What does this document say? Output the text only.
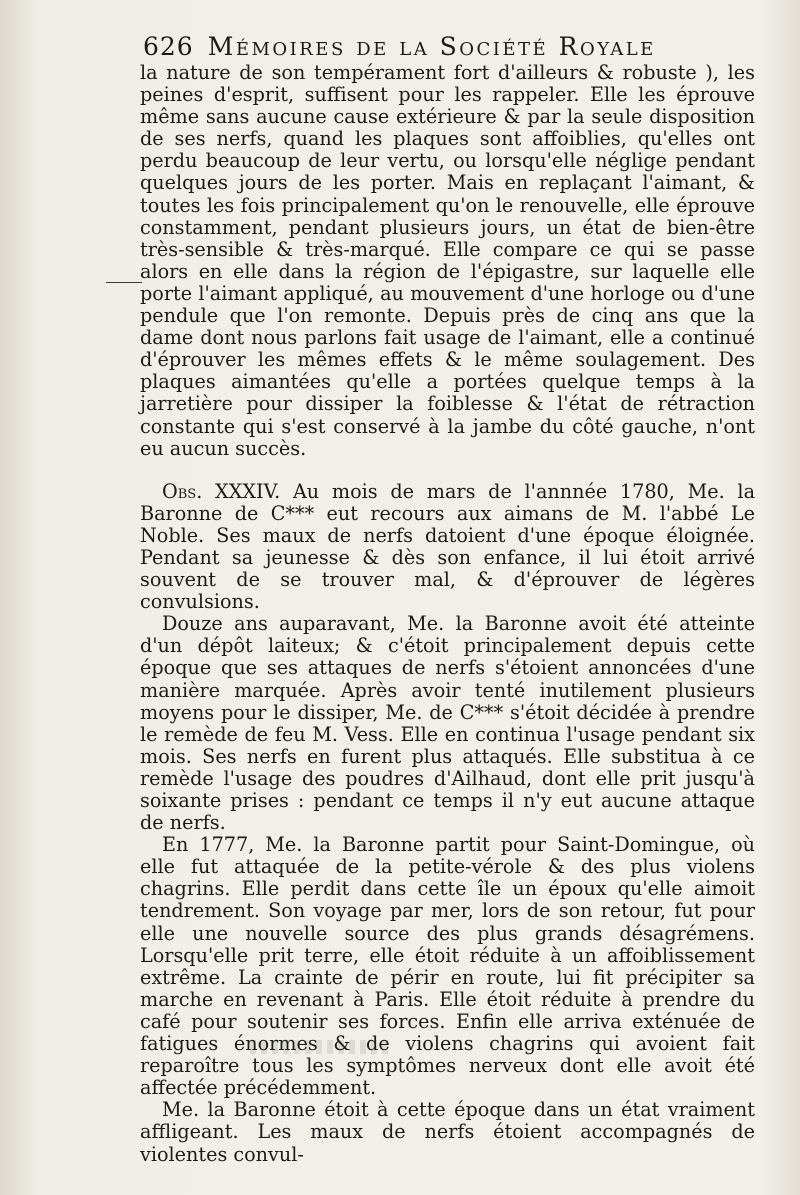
626 Mémoires de la Société Royale

la nature de son tempérament fort d'ailleurs & robuste ), les peines d'esprit, suffisent pour les rappeler. Elle les éprouve même sans aucune cause extérieure & par la seule disposition de ses nerfs, quand les plaques sont affoiblies, qu'elles ont perdu beaucoup de leur vertu, ou lorsqu'elle néglige pendant quelques jours de les porter. Mais en replaçant l'aimant, & toutes les fois principalement qu'on le renouvelle, elle éprouve constamment, pendant plusieurs jours, un état de bien-être très-sensible & très-marqué. Elle compare ce qui se passe alors en elle dans la région de l'épigastre, sur laquelle elle porte l'aimant appliqué, au mouvement d'une horloge ou d'une pendule que l'on remonte. Depuis près de cinq ans que la dame dont nous parlons fait usage de l'aimant, elle a continué d'éprouver les mêmes effets & le même soulagement. Des plaques aimantées qu'elle a portées quelque temps à la jarretière pour dissiper la foiblesse & l'état de rétraction constante qui s'est conservé à la jambe du côté gauche, n'ont eu aucun succès.

Obs. XXXIV. Au mois de mars de l'annnée 1780, Me. la Baronne de C*** eut recours aux aimans de M. l'abbé Le Noble. Ses maux de nerfs datoient d'une époque éloignée. Pendant sa jeunesse & dès son enfance, il lui étoit arrivé souvent de se trouver mal, & d'éprouver de légères convulsions.

Douze ans auparavant, Me. la Baronne avoit été atteinte d'un dépôt laiteux; & c'étoit principalement depuis cette époque que ses attaques de nerfs s'étoient annoncées d'une manière marquée. Après avoir tenté inutilement plusieurs moyens pour le dissiper, Me. de C*** s'étoit décidée à prendre le remède de feu M. Vess. Elle en continua l'usage pendant six mois. Ses nerfs en furent plus attaqués. Elle substitua à ce remède l'usage des poudres d'Ailhaud, dont elle prit jusqu'à soixante prises : pendant ce temps il n'y eut aucune attaque de nerfs.

En 1777, Me. la Baronne partit pour Saint-Domingue, où elle fut attaquée de la petite-vérole & des plus violens chagrins. Elle perdit dans cette île un époux qu'elle aimoit tendrement. Son voyage par mer, lors de son retour, fut pour elle une nouvelle source des plus grands désagrémens. Lorsqu'elle prit terre, elle étoit réduite à un affoiblissement extrême. La crainte de périr en route, lui fit précipiter sa marche en revenant à Paris. Elle étoit réduite à prendre du café pour soutenir ses forces. Enfin elle arriva exténuée de fatigues énormes & de violens chagrins qui avoient fait reparoître tous les symptômes nerveux dont elle avoit été affectée précédemment.

Me. la Baronne étoit à cette époque dans un état vraiment affligeant. Les maux de nerfs étoient accompagnés de violentes convul-
